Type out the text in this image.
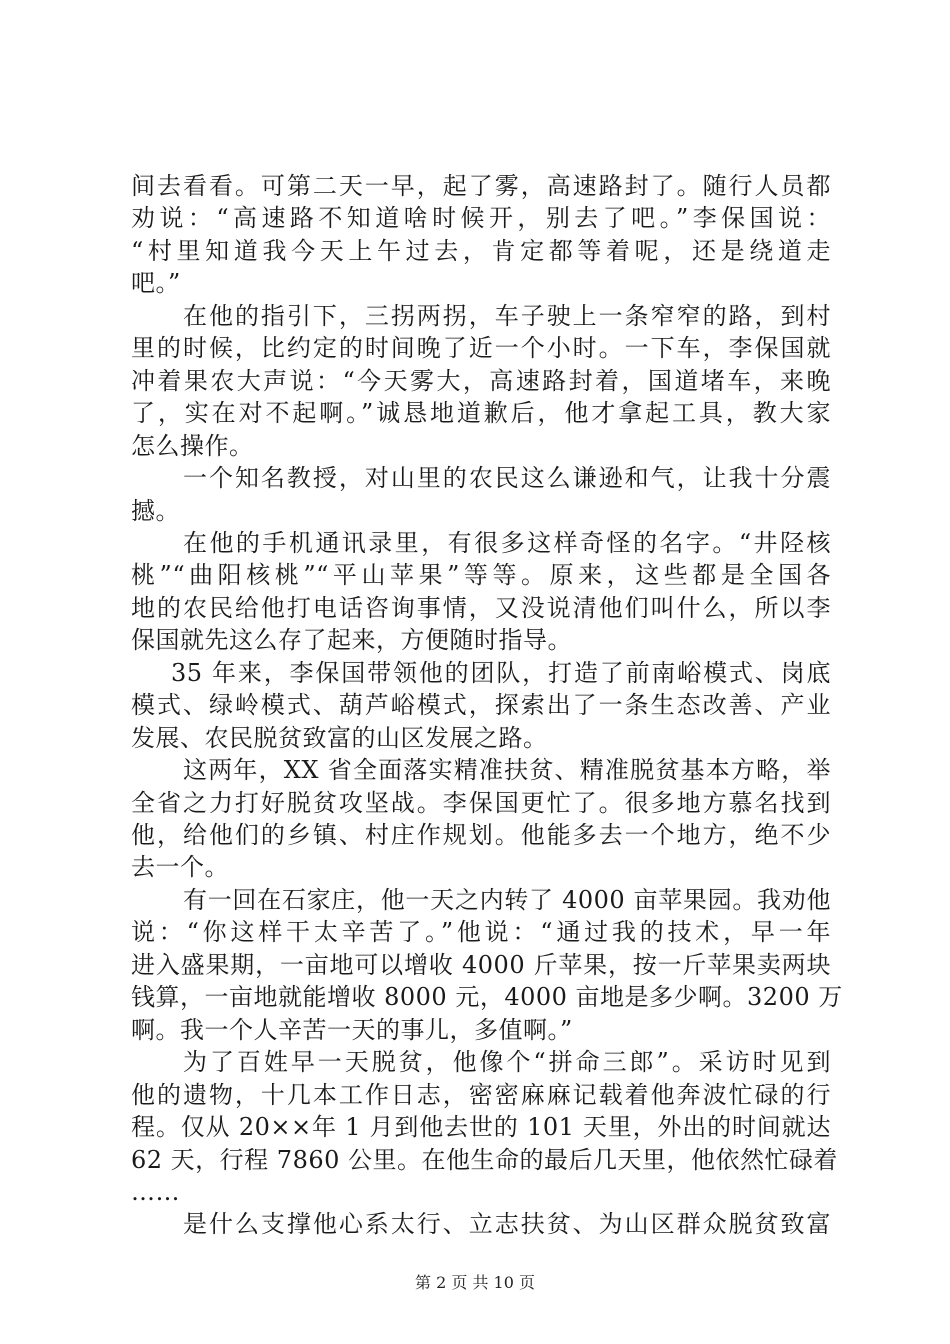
间去看看。可第二天一早，起了雾，高速路封了。随行人员都
劝说：“高速路不知道啥时候开，别去了吧。”李保国说：
“村里知道我今天上午过去，肯定都等着呢，还是绕道走
吧。”
在他的指引下，三拐两拐，车子驶上一条窄窄的路，到村
里的时候，比约定的时间晚了近一个小时。一下车，李保国就
冲着果农大声说：“今天雾大，高速路封着，国道堵车，来晚
了，实在对不起啊。”诚恳地道歉后，他才拿起工具，教大家
怎么操作。
一个知名教授，对山里的农民这么谦逊和气，让我十分震
撼。
在他的手机通讯录里，有很多这样奇怪的名字。“井陉核
桃”“曲阳核桃”“平山苹果”等等。原来，这些都是全国各
地的农民给他打电话咨询事情，又没说清他们叫什么，所以李
保国就先这么存了起来，方便随时指导。
35 年来，李保国带领他的团队，打造了前南峪模式、岗底
模式、绿岭模式、葫芦峪模式，探索出了一条生态改善、产业
发展、农民脱贫致富的山区发展之路。
这两年，XX 省全面落实精准扶贫、精准脱贫基本方略，举
全省之力打好脱贫攻坚战。李保国更忙了。很多地方慕名找到
他，给他们的乡镇、村庄作规划。他能多去一个地方，绝不少
去一个。
有一回在石家庄，他一天之内转了 4000 亩苹果园。我劝他
说：“你这样干太辛苦了。”他说：“通过我的技术，早一年
进入盛果期，一亩地可以增收 4000 斤苹果，按一斤苹果卖两块
钱算，一亩地就能增收 8000 元，4000 亩地是多少啊。3200 万
啊。我一个人辛苦一天的事儿，多值啊。”
为了百姓早一天脱贫，他像个“拼命三郎”。采访时见到
他的遗物，十几本工作日志，密密麻麻记载着他奔波忙碌的行
程。仅从 20××年 1 月到他去世的 101 天里，外出的时间就达
62 天，行程 7860 公里。在他生命的最后几天里，他依然忙碌着
……
是什么支撑他心系太行、立志扶贫、为山区群众脱贫致富
第 2 页 共 10 页
